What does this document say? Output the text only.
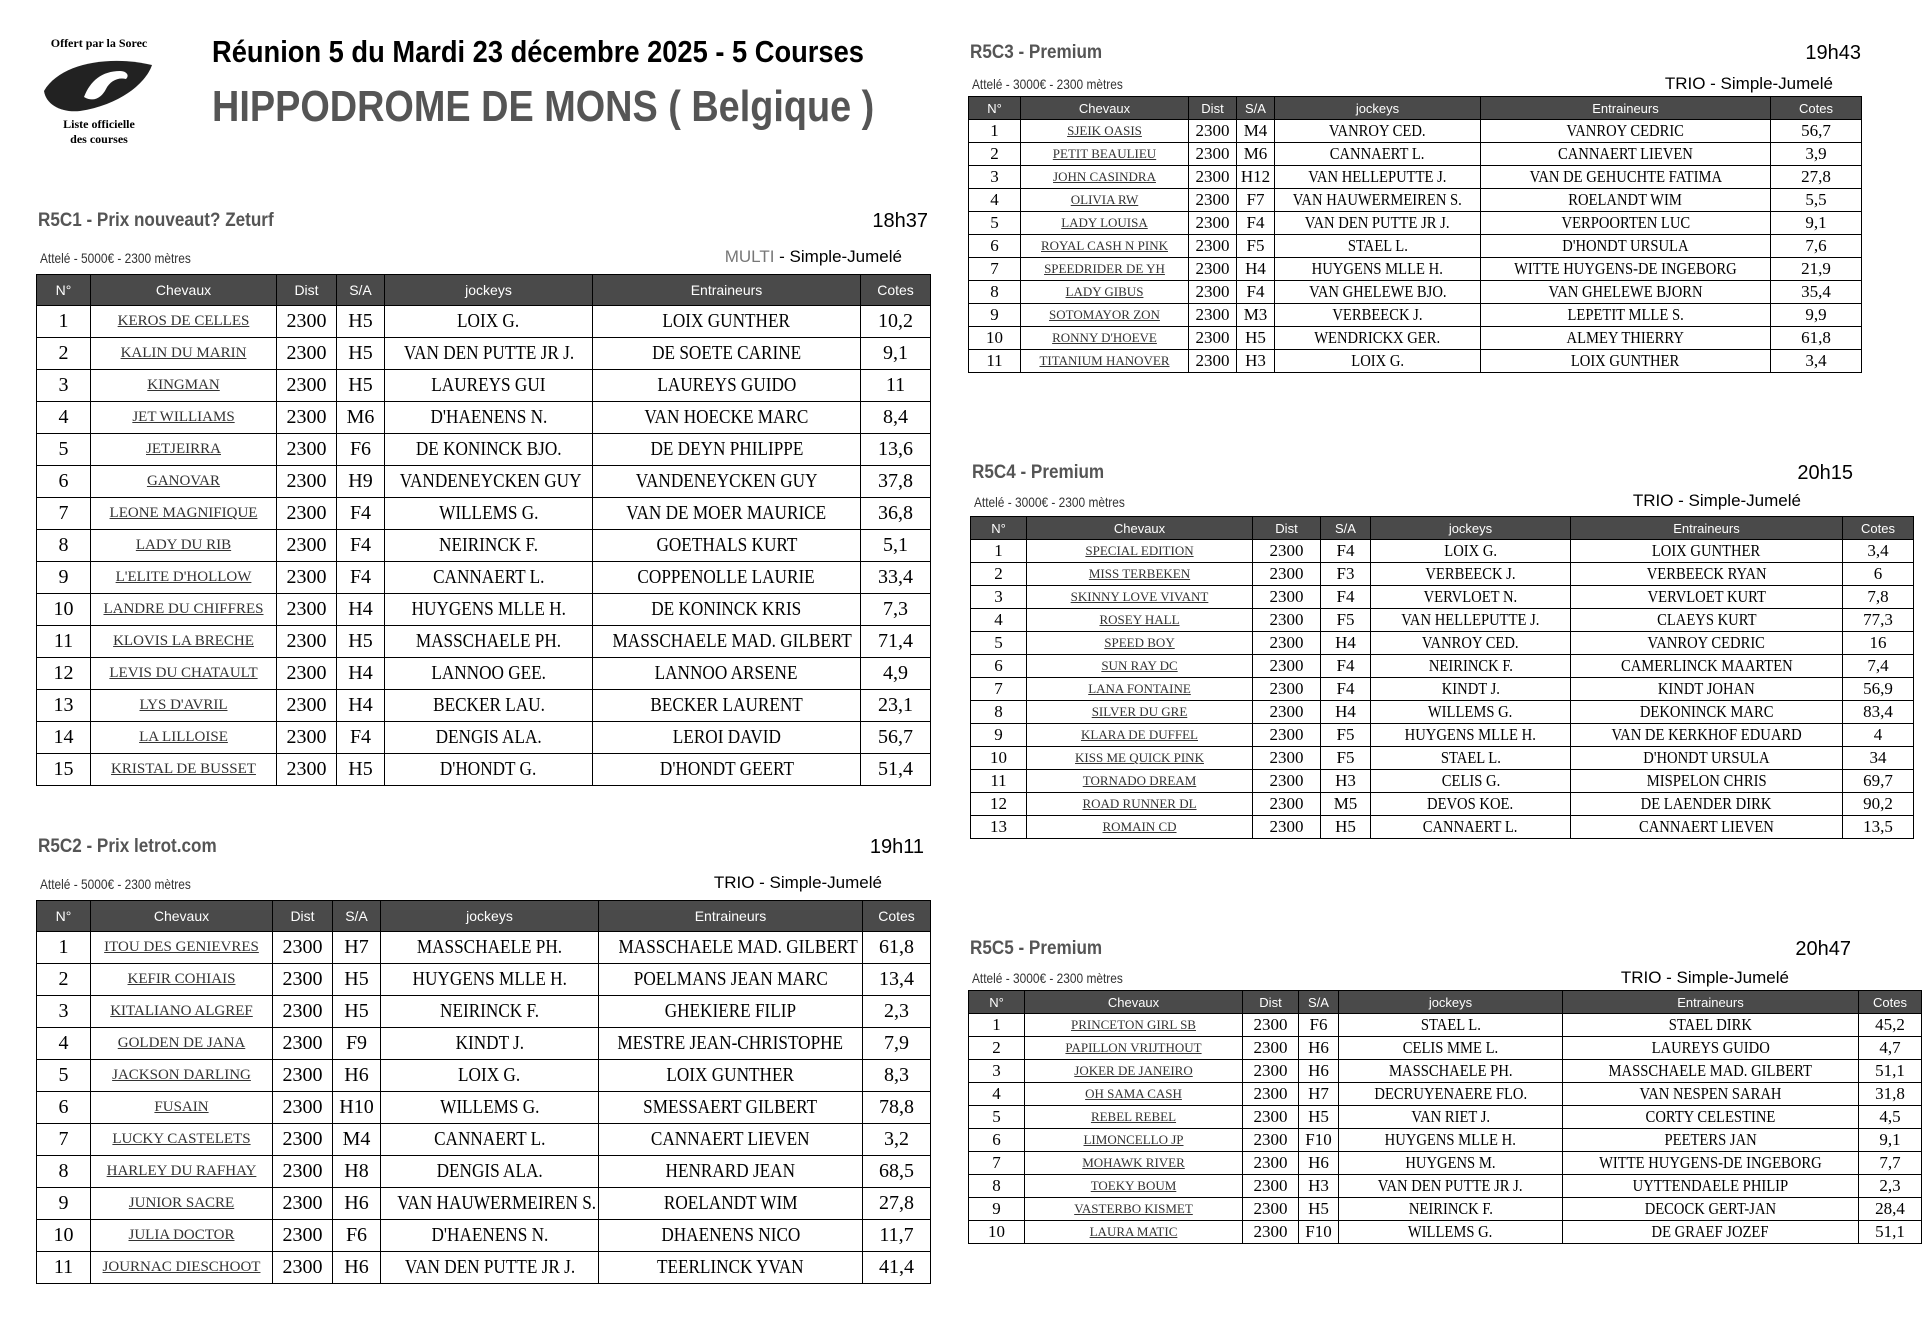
Offert par la Sorec
Liste officielle
des courses
Réunion 5 du Mardi 23 décembre 2025 - 5 Courses
HIPPODROME DE MONS ( Belgique )
R5C1 - Prix nouveaut? Zeturf	18h37
Attelé - 5000€ - 2300 mètres	MULTI - Simple-Jumelé
N°	Chevaux	Dist	S/A	jockeys	Entraineurs	Cotes
1	KEROS DE CELLES	2300	H5	LOIX G.	LOIX GUNTHER	10,2
2	KALIN DU MARIN	2300	H5	VAN DEN PUTTE JR J.	DE SOETE CARINE	9,1
3	KINGMAN	2300	H5	LAUREYS GUI	LAUREYS GUIDO	11
4	JET WILLIAMS	2300	M6	D'HAENENS N.	VAN HOECKE MARC	8,4
5	JETJEIRRA	2300	F6	DE KONINCK BJO.	DE DEYN PHILIPPE	13,6
6	GANOVAR	2300	H9	VANDENEYCKEN GUY	VANDENEYCKEN GUY	37,8
7	LEONE MAGNIFIQUE	2300	F4	WILLEMS G.	VAN DE MOER MAURICE	36,8
8	LADY DU RIB	2300	F4	NEIRINCK F.	GOETHALS KURT	5,1
9	L'ELITE D'HOLLOW	2300	F4	CANNAERT L.	COPPENOLLE LAURIE	33,4
10	LANDRE DU CHIFFRES	2300	H4	HUYGENS MLLE H.	DE KONINCK KRIS	7,3
11	KLOVIS LA BRECHE	2300	H5	MASSCHAELE PH.	MASSCHAELE MAD. GILBERT	71,4
12	LEVIS DU CHATAULT	2300	H4	LANNOO GEE.	LANNOO ARSENE	4,9
13	LYS D'AVRIL	2300	H4	BECKER LAU.	BECKER LAURENT	23,1
14	LA LILLOISE	2300	F4	DENGIS ALA.	LEROI DAVID	56,7
15	KRISTAL DE BUSSET	2300	H5	D'HONDT G.	D'HONDT GEERT	51,4
R5C2 - Prix letrot.com	19h11
Attelé - 5000€ - 2300 mètres	TRIO - Simple-Jumelé
N°	Chevaux	Dist	S/A	jockeys	Entraineurs	Cotes
1	ITOU DES GENIEVRES	2300	H7	MASSCHAELE PH.	MASSCHAELE MAD. GILBERT	61,8
2	KEFIR COHIAIS	2300	H5	HUYGENS MLLE H.	POELMANS JEAN MARC	13,4
3	KITALIANO ALGREF	2300	H5	NEIRINCK F.	GHEKIERE FILIP	2,3
4	GOLDEN DE JANA	2300	F9	KINDT J.	MESTRE JEAN-CHRISTOPHE	7,9
5	JACKSON DARLING	2300	H6	LOIX G.	LOIX GUNTHER	8,3
6	FUSAIN	2300	H10	WILLEMS G.	SMESSAERT GILBERT	78,8
7	LUCKY CASTELETS	2300	M4	CANNAERT L.	CANNAERT LIEVEN	3,2
8	HARLEY DU RAFHAY	2300	H8	DENGIS ALA.	HENRARD JEAN	68,5
9	JUNIOR SACRE	2300	H6	VAN HAUWERMEIREN S.	ROELANDT WIM	27,8
10	JULIA DOCTOR	2300	F6	D'HAENENS N.	DHAENENS NICO	11,7
11	JOURNAC DIESCHOOT	2300	H6	VAN DEN PUTTE JR J.	TEERLINCK YVAN	41,4
R5C3 - Premium	19h43
Attelé - 3000€ - 2300 mètres	TRIO - Simple-Jumelé
N°	Chevaux	Dist	S/A	jockeys	Entraineurs	Cotes
1	SJEIK OASIS	2300	M4	VANROY CED.	VANROY CEDRIC	56,7
2	PETIT BEAULIEU	2300	M6	CANNAERT L.	CANNAERT LIEVEN	3,9
3	JOHN CASINDRA	2300	H12	VAN HELLEPUTTE J.	VAN DE GEHUCHTE FATIMA	27,8
4	OLIVIA RW	2300	F7	VAN HAUWERMEIREN S.	ROELANDT WIM	5,5
5	LADY LOUISA	2300	F4	VAN DEN PUTTE JR J.	VERPOORTEN LUC	9,1
6	ROYAL CASH N PINK	2300	F5	STAEL L.	D'HONDT URSULA	7,6
7	SPEEDRIDER DE YH	2300	H4	HUYGENS MLLE H.	WITTE HUYGENS-DE INGEBORG	21,9
8	LADY GIBUS	2300	F4	VAN GHELEWE BJO.	VAN GHELEWE BJORN	35,4
9	SOTOMAYOR ZON	2300	M3	VERBEECK J.	LEPETIT MLLE S.	9,9
10	RONNY D'HOEVE	2300	H5	WENDRICKX GER.	ALMEY THIERRY	61,8
11	TITANIUM HANOVER	2300	H3	LOIX G.	LOIX GUNTHER	3,4
R5C4 - Premium	20h15
Attelé - 3000€ - 2300 mètres	TRIO - Simple-Jumelé
N°	Chevaux	Dist	S/A	jockeys	Entraineurs	Cotes
1	SPECIAL EDITION	2300	F4	LOIX G.	LOIX GUNTHER	3,4
2	MISS TERBEKEN	2300	F3	VERBEECK J.	VERBEECK RYAN	6
3	SKINNY LOVE VIVANT	2300	F4	VERVLOET N.	VERVLOET KURT	7,8
4	ROSEY HALL	2300	F5	VAN HELLEPUTTE J.	CLAEYS KURT	77,3
5	SPEED BOY	2300	H4	VANROY CED.	VANROY CEDRIC	16
6	SUN RAY DC	2300	F4	NEIRINCK F.	CAMERLINCK MAARTEN	7,4
7	LANA FONTAINE	2300	F4	KINDT J.	KINDT JOHAN	56,9
8	SILVER DU GRE	2300	H4	WILLEMS G.	DEKONINCK MARC	83,4
9	KLARA DE DUFFEL	2300	F5	HUYGENS MLLE H.	VAN DE KERKHOF EDUARD	4
10	KISS ME QUICK PINK	2300	F5	STAEL L.	D'HONDT URSULA	34
11	TORNADO DREAM	2300	H3	CELIS G.	MISPELON CHRIS	69,7
12	ROAD RUNNER DL	2300	M5	DEVOS KOE.	DE LAENDER DIRK	90,2
13	ROMAIN CD	2300	H5	CANNAERT L.	CANNAERT LIEVEN	13,5
R5C5 - Premium	20h47
Attelé - 3000€ - 2300 mètres	TRIO - Simple-Jumelé
N°	Chevaux	Dist	S/A	jockeys	Entraineurs	Cotes
1	PRINCETON GIRL SB	2300	F6	STAEL L.	STAEL DIRK	45,2
2	PAPILLON VRIJTHOUT	2300	H6	CELIS MME L.	LAUREYS GUIDO	4,7
3	JOKER DE JANEIRO	2300	H6	MASSCHAELE PH.	MASSCHAELE MAD. GILBERT	51,1
4	OH SAMA CASH	2300	H7	DECRUYENAERE FLO.	VAN NESPEN SARAH	31,8
5	REBEL REBEL	2300	H5	VAN RIET J.	CORTY CELESTINE	4,5
6	LIMONCELLO JP	2300	F10	HUYGENS MLLE H.	PEETERS JAN	9,1
7	MOHAWK RIVER	2300	H6	HUYGENS M.	WITTE HUYGENS-DE INGEBORG	7,7
8	TOEKY BOUM	2300	H3	VAN DEN PUTTE JR J.	UYTTENDAELE PHILIP	2,3
9	VASTERBO KISMET	2300	H5	NEIRINCK F.	DECOCK GERT-JAN	28,4
10	LAURA MATIC	2300	F10	WILLEMS G.	DE GRAEF JOZEF	51,1
